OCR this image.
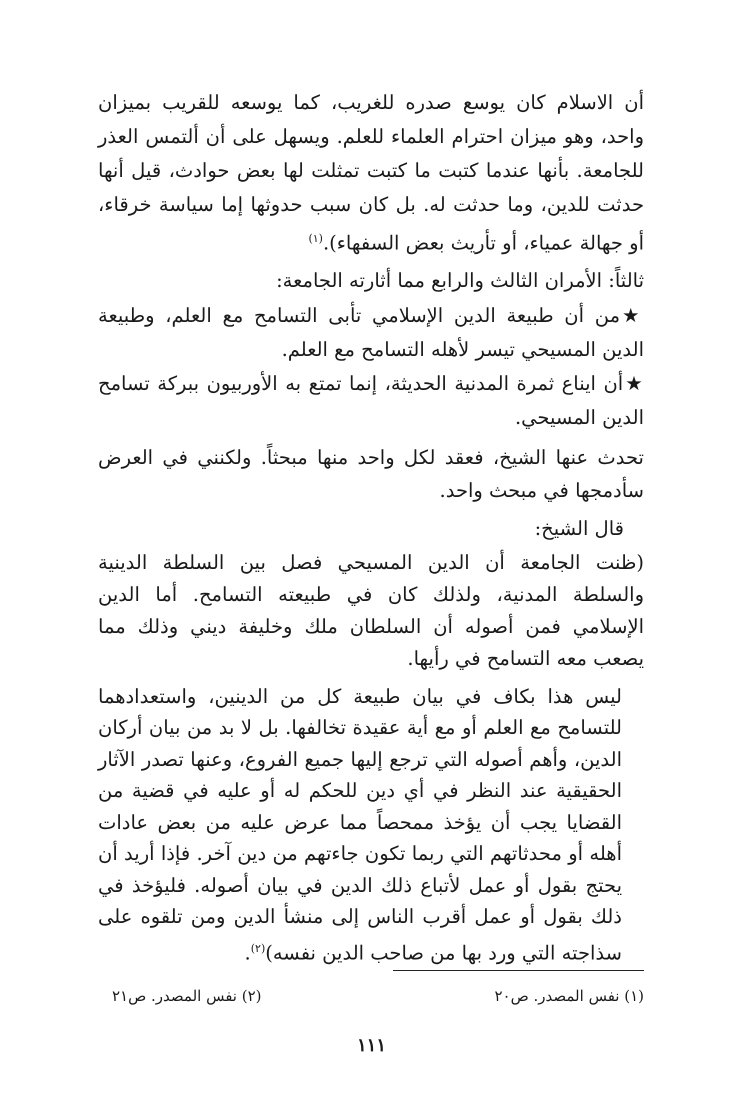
أن الاسلام كان يوسع صدره للغريب، كما يوسعه للقريب بميزان واحد، وهو ميزان احترام العلماء للعلم. ويسهل على أن ألتمس العذر للجامعة. بأنها عندما كتبت ما كتبت تمثلت لها بعض حوادث، قيل أنها حدثت للدين، وما حدثت له. بل كان سبب حدوثها إما سياسة خرقاء، أو جهالة عمياء، أو تأريث بعض السفهاء).$^{(١)}$

ثالثاً: الأمران الثالث والرابع مما أثارته الجامعة:

★من أن طبيعة الدين الإسلامي تأبى التسامح مع العلم، وطبيعة الدين المسيحي تيسر لأهله التسامح مع العلم.

★أن ايناع ثمرة المدنية الحديثة، إنما تمتع به الأوربيون ببركة تسامح الدين المسيحي.

تحدث عنها الشيخ، فعقد لكل واحد منها مبحثاً. ولكنني في العرض سأدمجها في مبحث واحد.

قال الشيخ:

(ظنت الجامعة أن الدين المسيحي فصل بين السلطة الدينية والسلطة المدنية، ولذلك كان في طبيعته التسامح. أما الدين الإسلامي فمن أصوله أن السلطان ملك وخليفة ديني وذلك مما يصعب معه التسامح في رأيها.

ليس هذا بكاف في بيان طبيعة كل من الدينين، واستعدادهما للتسامح مع العلم أو مع أية عقيدة تخالفها. بل لا بد من بيان أركان الدين، وأهم أصوله التي ترجع إليها جميع الفروع، وعنها تصدر الآثار الحقيقية عند النظر في أي دين للحكم له أو عليه في قضية من القضايا يجب أن يؤخذ ممحصاً مما عرض عليه من بعض عادات أهله أو محدثاتهم التي ربما تكون جاءتهم من دين آخر. فإذا أريد أن يحتج بقول أو عمل لأتباع ذلك الدين في بيان أصوله. فليؤخذ في ذلك بقول أو عمل أقرب الناس إلى منشأ الدين ومن تلقوه على سذاجته التي ورد بها من صاحب الدين نفسه)$^{(٢)}$.

(١) نفس المصدر. ص٢٠
(٢) نفس المصدر. ص٢١
١١١
